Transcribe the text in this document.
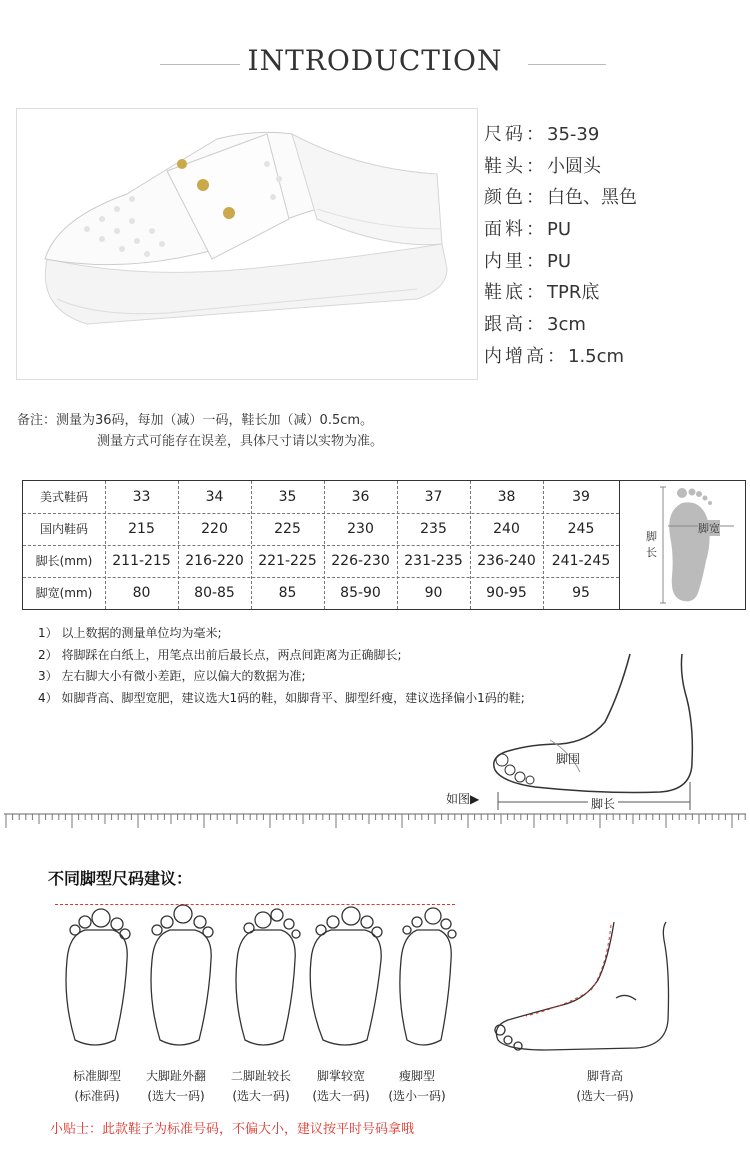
INTRODUCTION
尺码：35-39
鞋头：小圆头
颜色：白色、黑色
面料：PU
内里：PU
鞋底：TPR底
跟高：3cm
内增高：1.5cm
备注：测量为36码，每加（减）一码，鞋长加（减）0.5cm。
测量方式可能存在误差，具体尺寸请以实物为准。
美式鞋码	33	34	35	36	37	38	39
国内鞋码	215	220	225	230	235	240	245
脚长(mm)	211-215	216-220	221-225	226-230	231-235	236-240	241-245
脚宽(mm)	80	80-85	85	85-90	90	90-95	95
脚长
脚宽
1） 以上数据的测量单位均为毫米;
2） 将脚踩在白纸上，用笔点出前后最长点，两点间距离为正确脚长;
3） 左右脚大小有微小差距，应以偏大的数据为准;
4） 如脚背高、脚型宽肥，建议选大1码的鞋，如脚背平、脚型纤瘦，建议选择偏小1码的鞋;
脚围
如图▶	脚长
不同脚型尺码建议：
标准脚型
(标准码)
大脚趾外翻
(选大一码)
二脚趾较长
(选大一码)
脚掌较宽
(选大一码)
瘦脚型
(选小一码)
脚背高
(选大一码)
小贴士：此款鞋子为标准号码，不偏大小，建议按平时号码拿哦
